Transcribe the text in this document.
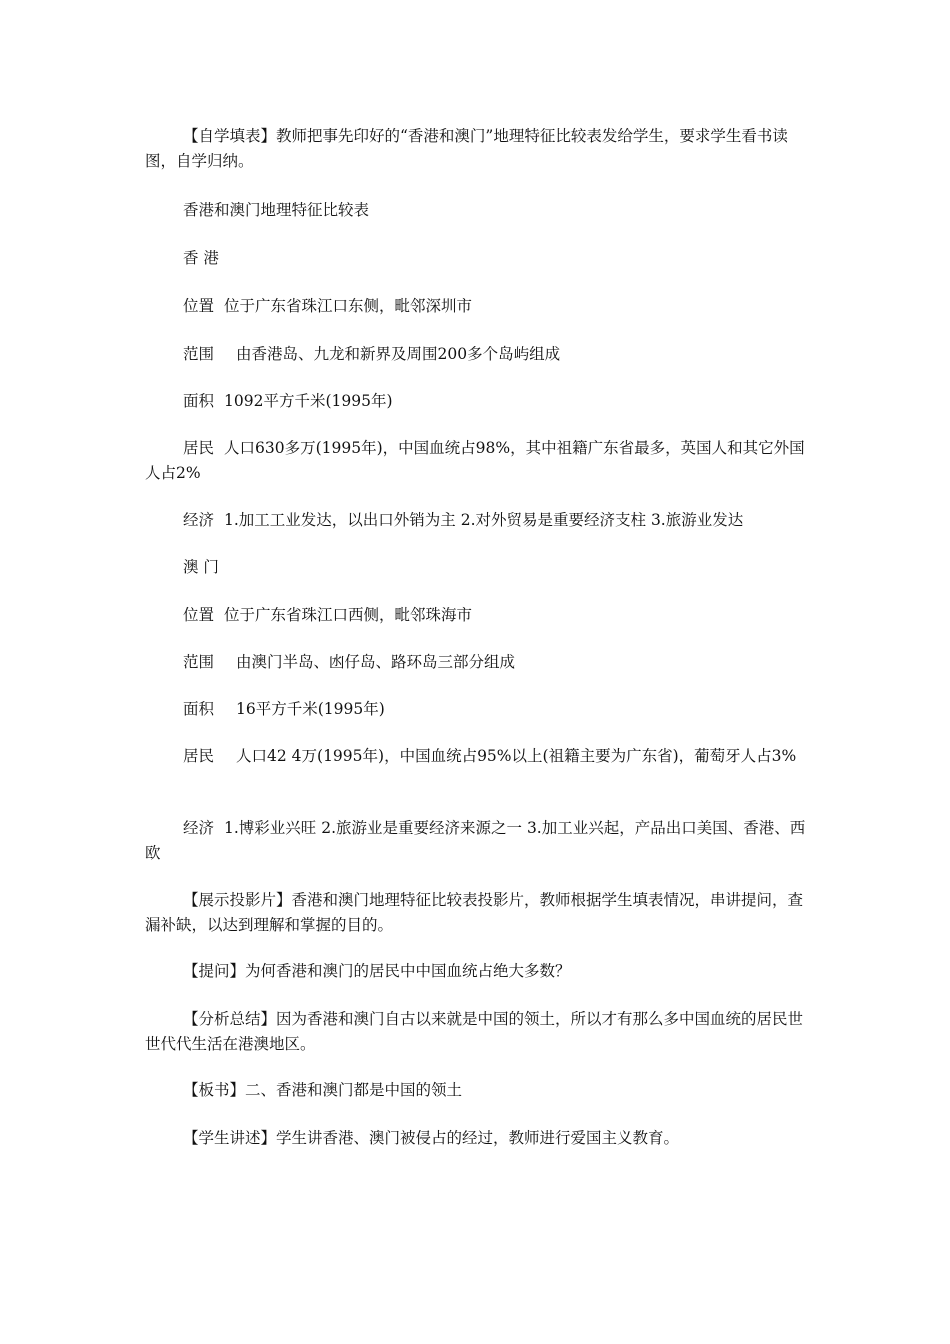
【自学填表】教师把事先印好的“香港和澳门”地理特征比较表发给学生，要求学生看书读图，自学归纳。
香港和澳门地理特征比较表
香 港
位置 位于广东省珠江口东侧，毗邻深圳市
范围 由香港岛、九龙和新界及周围200多个岛屿组成
面积 1092平方千米(1995年)
居民 人口630多万(1995年)，中国血统占98%，其中祖籍广东省最多，英国人和其它外国人占2%
经济 1.加工工业发达，以出口外销为主 2.对外贸易是重要经济支柱 3.旅游业发达
澳 门
位置 位于广东省珠江口西侧，毗邻珠海市
范围 由澳门半岛、凼仔岛、路环岛三部分组成
面积 16平方千米(1995年)
居民 人口42 4万(1995年)，中国血统占95%以上(祖籍主要为广东省)，葡萄牙人占3%
经济 1.博彩业兴旺 2.旅游业是重要经济来源之一 3.加工业兴起，产品出口美国、香港、西欧
【展示投影片】香港和澳门地理特征比较表投影片，教师根据学生填表情况，串讲提问，查漏补缺，以达到理解和掌握的目的。
【提问】为何香港和澳门的居民中中国血统占绝大多数？
【分析总结】因为香港和澳门自古以来就是中国的领土，所以才有那么多中国血统的居民世世代代生活在港澳地区。
【板书】二、香港和澳门都是中国的领土
【学生讲述】学生讲香港、澳门被侵占的经过，教师进行爱国主义教育。
